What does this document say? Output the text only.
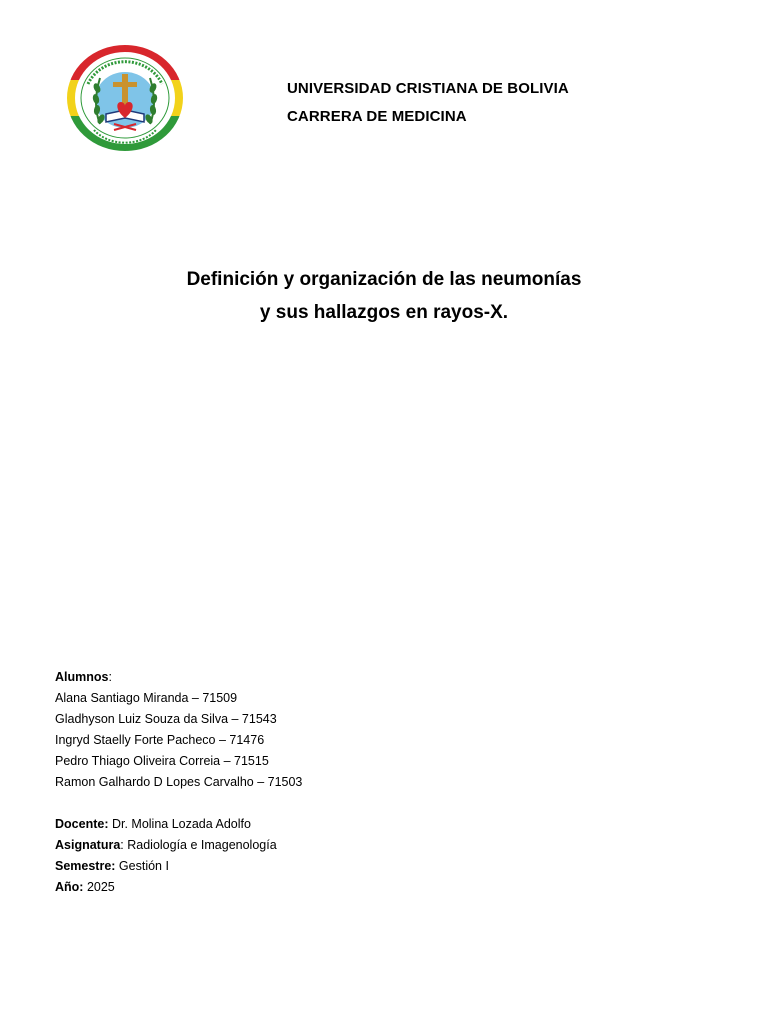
UNIVERSIDAD CRISTIANA DE BOLIVIA
CARRERA DE MEDICINA
Definición y organización de las neumonías
y sus hallazgos en rayos-X.
Alumnos:
Alana Santiago Miranda – 71509
Gladhyson Luiz Souza da Silva – 71543
Ingryd Staelly Forte Pacheco – 71476
Pedro Thiago Oliveira Correia – 71515
Ramon Galhardo D Lopes Carvalho – 71503
Docente: Dr. Molina Lozada Adolfo
Asignatura: Radiología e Imagenología
Semestre: Gestión I
Año: 2025
